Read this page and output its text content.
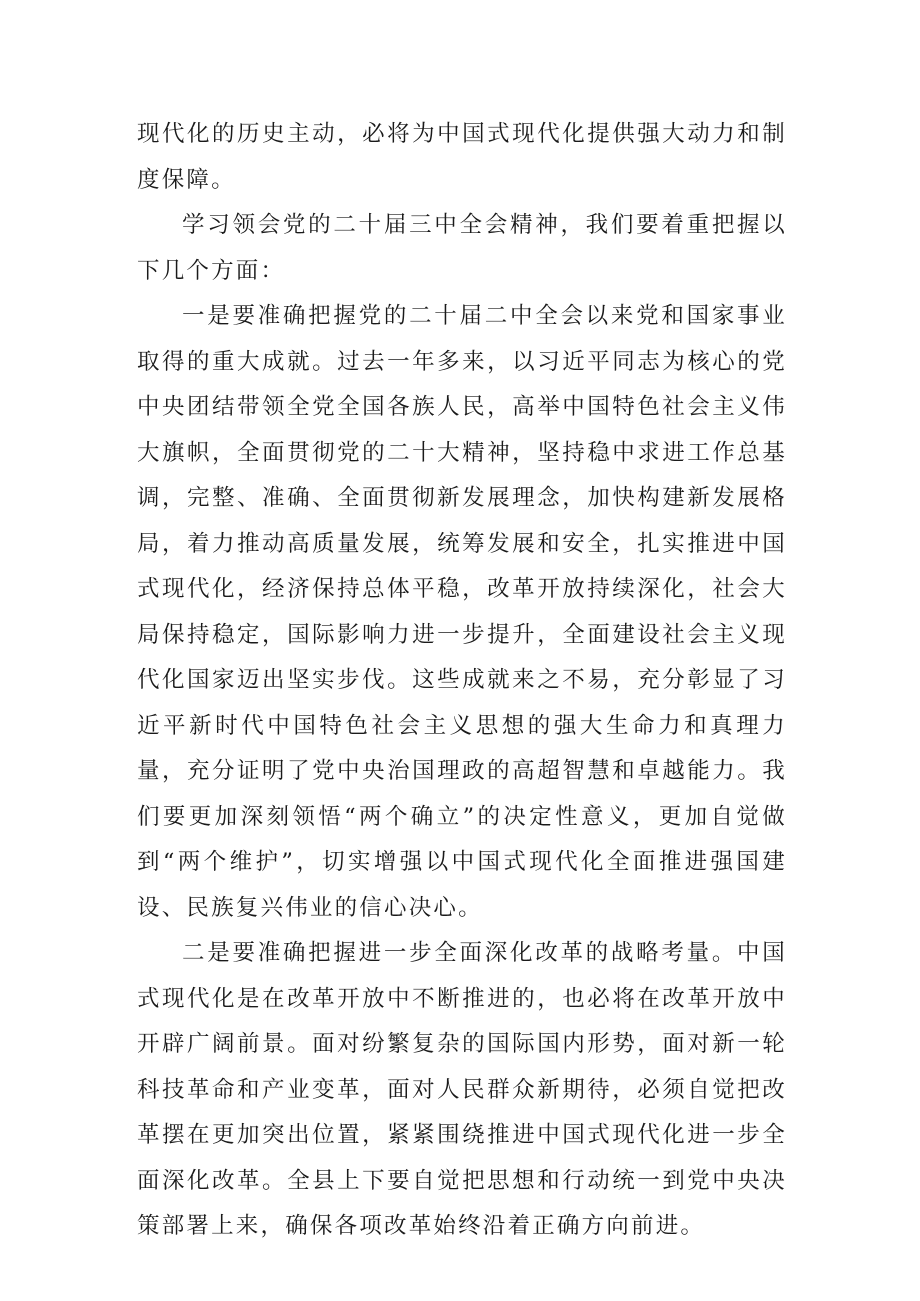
现代化的历史主动，必将为中国式现代化提供强大动力和制度保障。

学习领会党的二十届三中全会精神，我们要着重把握以下几个方面：

一是要准确把握党的二十届二中全会以来党和国家事业取得的重大成就。过去一年多来，以习近平同志为核心的党中央团结带领全党全国各族人民，高举中国特色社会主义伟大旗帜，全面贯彻党的二十大精神，坚持稳中求进工作总基调，完整、准确、全面贯彻新发展理念，加快构建新发展格局，着力推动高质量发展，统筹发展和安全，扎实推进中国式现代化，经济保持总体平稳，改革开放持续深化，社会大局保持稳定，国际影响力进一步提升，全面建设社会主义现代化国家迈出坚实步伐。这些成就来之不易，充分彰显了习近平新时代中国特色社会主义思想的强大生命力和真理力量，充分证明了党中央治国理政的高超智慧和卓越能力。我们要更加深刻领悟“两个确立”的决定性意义，更加自觉做到“两个维护”，切实增强以中国式现代化全面推进强国建设、民族复兴伟业的信心决心。

二是要准确把握进一步全面深化改革的战略考量。中国式现代化是在改革开放中不断推进的，也必将在改革开放中开辟广阔前景。面对纷繁复杂的国际国内形势，面对新一轮科技革命和产业变革，面对人民群众新期待，必须自觉把改革摆在更加突出位置，紧紧围绕推进中国式现代化进一步全面深化改革。全县上下要自觉把思想和行动统一到党中央决策部署上来，确保各项改革始终沿着正确方向前进。
